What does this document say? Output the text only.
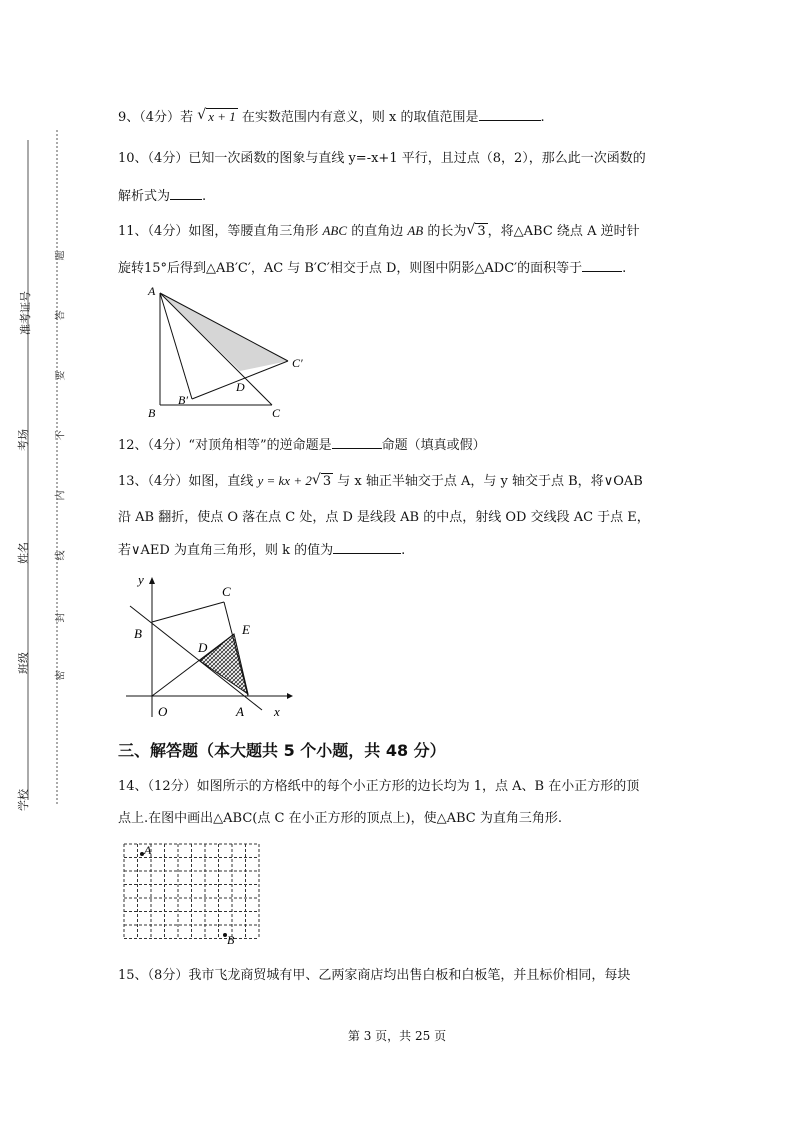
准考证号
考场
姓名
班级
学校
题
答
要
不
内
线
封
密
9、（4分）若 √ x + 1 在实数范围内有意义，则 x 的取值范围是	.
10、（4分）已知一次函数的图象与直线 y=-x+1 平行，且过点（8，2），那么此一次函数的
解析式为 .
11、（4分）如图，等腰直角三角形 ABC 的直角边 AB 的长为 √ 3 ，将△ABC 绕点 A 逆时针
旋转15°后得到△AB′C′，AC 与 B′C′相交于点 D，则图中阴影△ADC′的面积等于	.
A
B	C
B′
C′
D
12、（4分）“对顶角相等”的逆命题是	命题（填真或假）
13、（4分）如图，直线 y = kx + 2 √ 3 与 x 轴正半轴交于点 A，与 y 轴交于点 B，将∨OAB
沿 AB 翻折，使点 O 落在点 C 处，点 D 是线段 AB 的中点，射线 OD 交线段 AC 于点 E，
若∨AED 为直角三角形，则 k 的值为	.
y
x
O	A
B
C
D
E
三、解答题（本大题共 5 个小题，共 48 分）
14、（12分）如图所示的方格纸中的每个小正方形的边长均为 1，点 A、B 在小正方形的顶
点上.在图中画出△ABC(点 C 在小正方形的顶点上)，使△ABC 为直角三角形.
A
B
15、（8分）我市飞龙商贸城有甲、乙两家商店均出售白板和白板笔，并且标价相同，每块
第 3 页，共 25 页
